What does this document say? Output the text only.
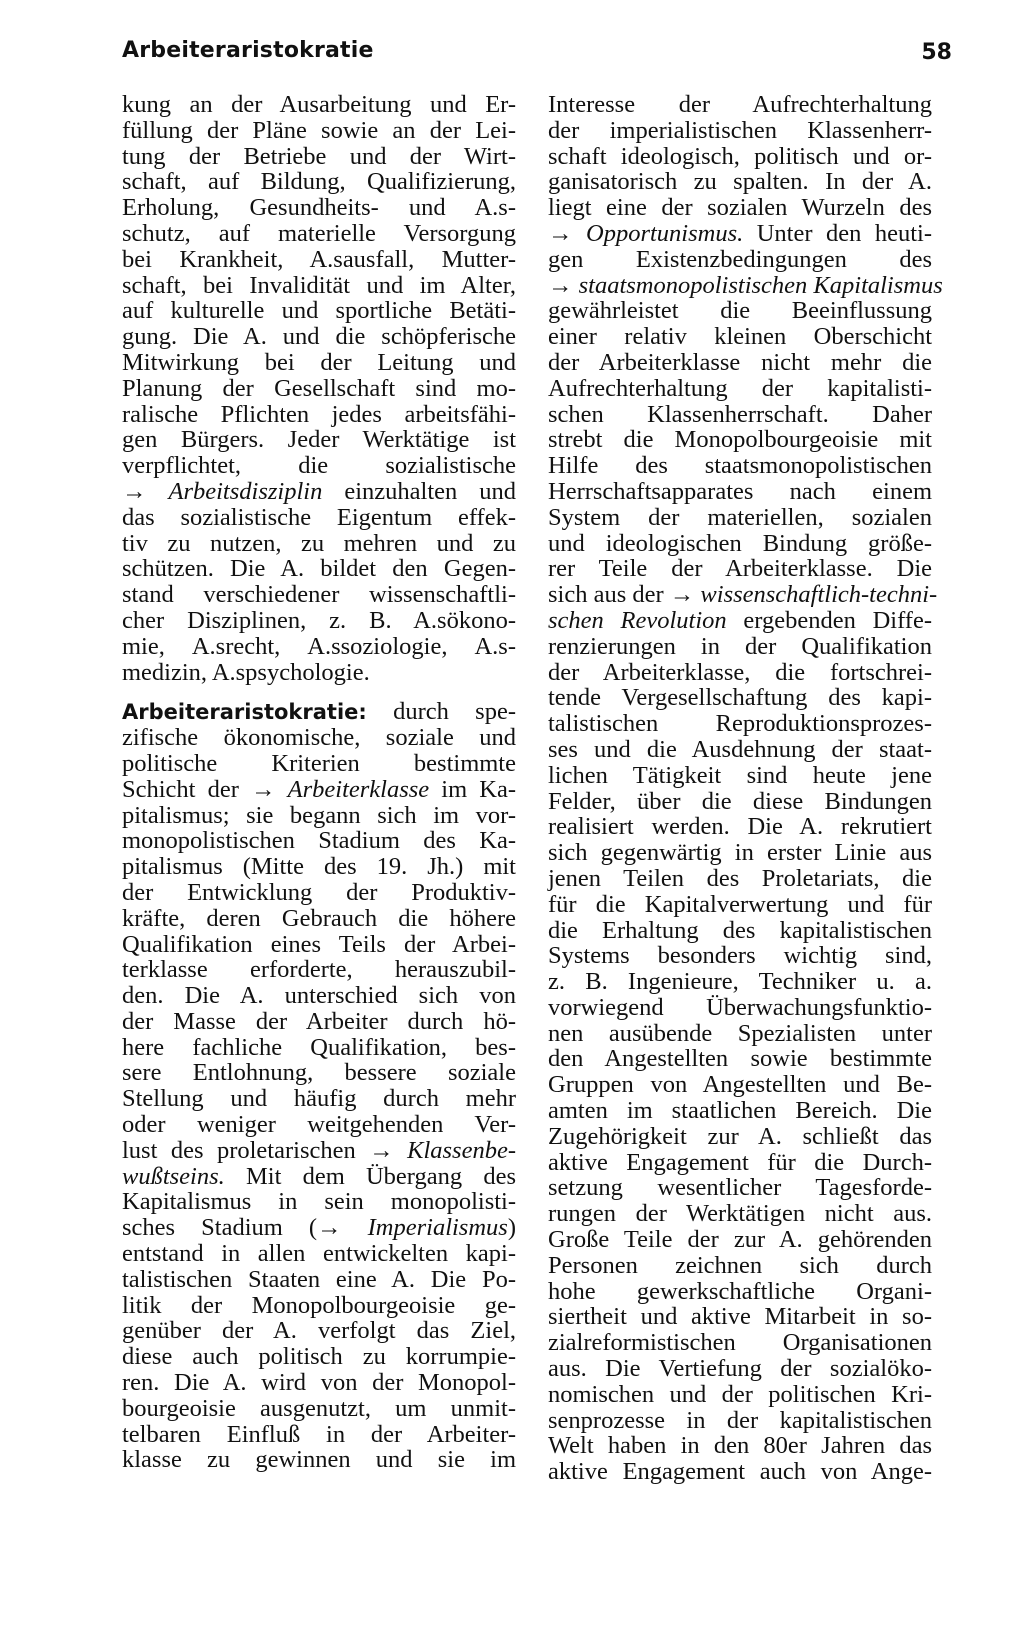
Arbeiteraristokratie	58
kung an der Ausarbeitung und Er-
füllung der Pläne sowie an der Lei-
tung der Betriebe und der Wirt-
schaft, auf Bildung, Qualifizierung,
Erholung, Gesundheits- und A.s-
schutz, auf materielle Versorgung
bei Krankheit, A.sausfall, Mutter-
schaft, bei Invalidität und im Alter,
auf kulturelle und sportliche Betäti-
gung. Die A. und die schöpferische
Mitwirkung bei der Leitung und
Planung der Gesellschaft sind mo-
ralische Pflichten jedes arbeitsfähi-
gen Bürgers. Jeder Werktätige ist
verpflichtet, die sozialistische
→ Arbeitsdisziplin einzuhalten und
das sozialistische Eigentum effek-
tiv zu nutzen, zu mehren und zu
schützen. Die A. bildet den Gegen-
stand verschiedener wissenschaftli-
cher Disziplinen, z. B. A.sökono-
mie, A.srecht, A.ssoziologie, A.s-
medizin, A.spsychologie.
Arbeiteraristokratie: durch spe-
zifische ökonomische, soziale und
politische Kriterien bestimmte
Schicht der → Arbeiterklasse im Ka-
pitalismus; sie begann sich im vor-
monopolistischen Stadium des Ka-
pitalismus (Mitte des 19. Jh.) mit
der Entwicklung der Produktiv-
kräfte, deren Gebrauch die höhere
Qualifikation eines Teils der Arbei-
terklasse erforderte, herauszubil-
den. Die A. unterschied sich von
der Masse der Arbeiter durch hö-
here fachliche Qualifikation, bes-
sere Entlohnung, bessere soziale
Stellung und häufig durch mehr
oder weniger weitgehenden Ver-
lust des proletarischen → Klassenbe-
wußtseins. Mit dem Übergang des
Kapitalismus in sein monopolisti-
sches Stadium (→ Imperialismus)
entstand in allen entwickelten kapi-
talistischen Staaten eine A. Die Po-
litik der Monopolbourgeoisie ge-
genüber der A. verfolgt das Ziel,
diese auch politisch zu korrumpie-
ren. Die A. wird von der Monopol-
bourgeoisie ausgenutzt, um unmit-
telbaren Einfluß in der Arbeiter-
klasse zu gewinnen und sie im
Interesse der Aufrechterhaltung
der imperialistischen Klassenherr-
schaft ideologisch, politisch und or-
ganisatorisch zu spalten. In der A.
liegt eine der sozialen Wurzeln des
→ Opportunismus. Unter den heuti-
gen Existenzbedingungen des
→ staatsmonopolistischen Kapitalismus
gewährleistet die Beeinflussung
einer relativ kleinen Oberschicht
der Arbeiterklasse nicht mehr die
Aufrechterhaltung der kapitalisti-
schen Klassenherrschaft. Daher
strebt die Monopolbourgeoisie mit
Hilfe des staatsmonopolistischen
Herrschaftsapparates nach einem
System der materiellen, sozialen
und ideologischen Bindung größe-
rer Teile der Arbeiterklasse. Die
sich aus der → wissenschaftlich-techni-
schen Revolution ergebenden Diffe-
renzierungen in der Qualifikation
der Arbeiterklasse, die fortschrei-
tende Vergesellschaftung des kapi-
talistischen Reproduktionsprozes-
ses und die Ausdehnung der staat-
lichen Tätigkeit sind heute jene
Felder, über die diese Bindungen
realisiert werden. Die A. rekrutiert
sich gegenwärtig in erster Linie aus
jenen Teilen des Proletariats, die
für die Kapitalverwertung und für
die Erhaltung des kapitalistischen
Systems besonders wichtig sind,
z. B. Ingenieure, Techniker u. a.
vorwiegend Überwachungsfunktio-
nen ausübende Spezialisten unter
den Angestellten sowie bestimmte
Gruppen von Angestellten und Be-
amten im staatlichen Bereich. Die
Zugehörigkeit zur A. schließt das
aktive Engagement für die Durch-
setzung wesentlicher Tagesforde-
rungen der Werktätigen nicht aus.
Große Teile der zur A. gehörenden
Personen zeichnen sich durch
hohe gewerkschaftliche Organi-
siertheit und aktive Mitarbeit in so-
zialreformistischen Organisationen
aus. Die Vertiefung der sozialöko-
nomischen und der politischen Kri-
senprozesse in der kapitalistischen
Welt haben in den 80er Jahren das
aktive Engagement auch von Ange-
